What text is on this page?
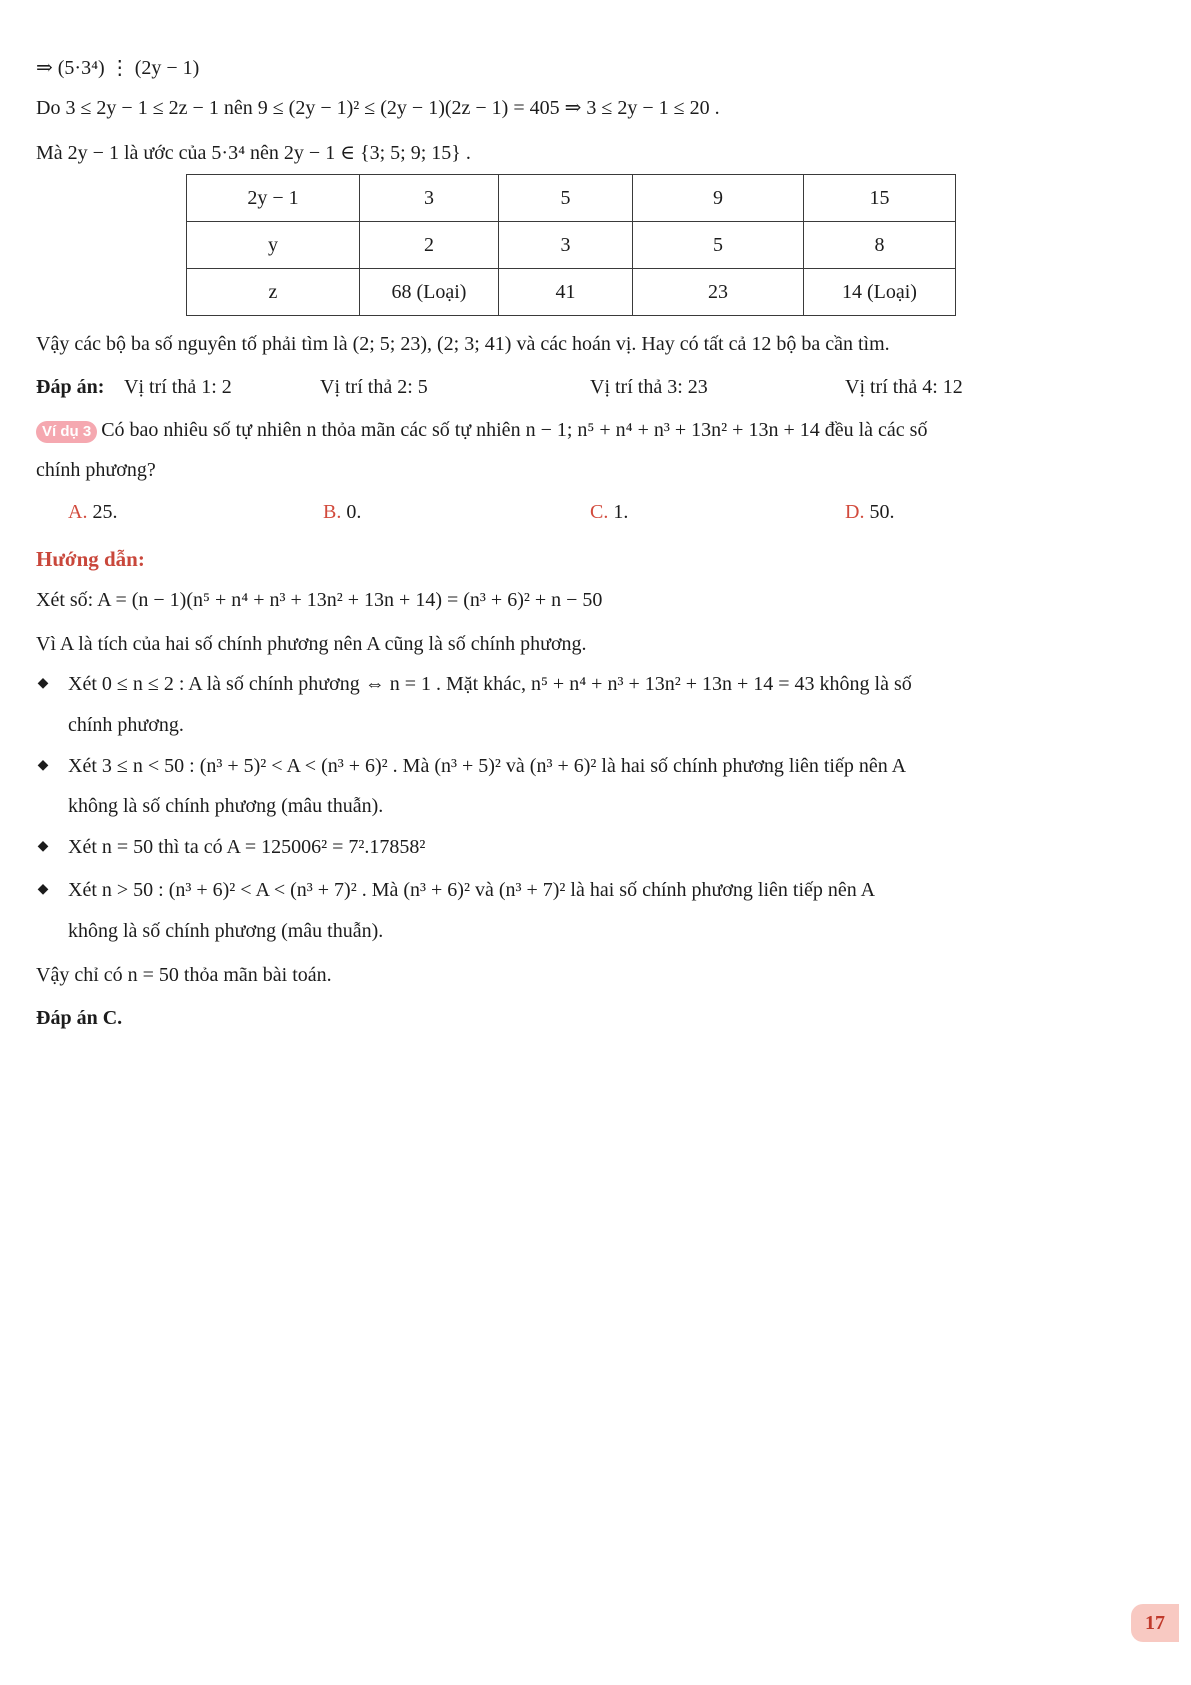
⇒ (5·3⁴) ⋮ (2y − 1)
Do 3 ≤ 2y − 1 ≤ 2z − 1 nên 9 ≤ (2y − 1)² ≤ (2y − 1)(2z − 1) = 405 ⇒ 3 ≤ 2y − 1 ≤ 20 .
Mà 2y − 1 là ước của 5·3⁴ nên 2y − 1 ∈ {3; 5; 9; 15} .
2y − 1	3	5	9	15
y	2	3	5	8
z	68 (Loại)	41	23	14 (Loại)
Vậy các bộ ba số nguyên tố phải tìm là (2; 5; 23), (2; 3; 41) và các hoán vị. Hay có tất cả 12 bộ ba cần tìm.
Đáp án: Vị trí thả 1: 2	Vị trí thả 2: 5	Vị trí thả 3: 23	Vị trí thả 4: 12
Ví dụ 3 Có bao nhiêu số tự nhiên n thỏa mãn các số tự nhiên n − 1; n⁵ + n⁴ + n³ + 13n² + 13n + 14 đều là các số
chính phương?
A. 25.	B. 0.	C. 1.	D. 50.
Hướng dẫn:
Xét số: A = (n − 1)(n⁵ + n⁴ + n³ + 13n² + 13n + 14) = (n³ + 6)² + n − 50
Vì A là tích của hai số chính phương nên A cũng là số chính phương.
◆ Xét 0 ≤ n ≤ 2 : A là số chính phương ⇔ n = 1 . Mặt khác, n⁵ + n⁴ + n³ + 13n² + 13n + 14 = 43 không là số
chính phương.
◆ Xét 3 ≤ n < 50 : (n³ + 5)² < A < (n³ + 6)² . Mà (n³ + 5)² và (n³ + 6)² là hai số chính phương liên tiếp nên A
không là số chính phương (mâu thuẫn).
◆ Xét n = 50 thì ta có A = 125006² = 7².17858²
◆ Xét n > 50 : (n³ + 6)² < A < (n³ + 7)² . Mà (n³ + 6)² và (n³ + 7)² là hai số chính phương liên tiếp nên A
không là số chính phương (mâu thuẫn).
Vậy chỉ có n = 50 thỏa mãn bài toán.
Đáp án C.
17
